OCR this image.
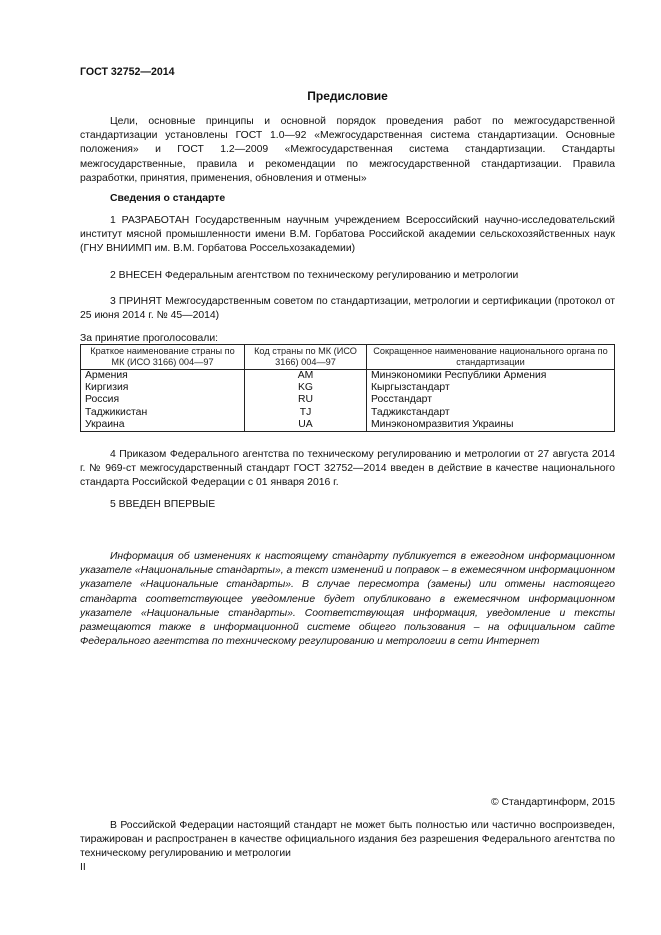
ГОСТ 32752—2014
Предисловие

Цели, основные принципы и основной порядок проведения работ по межгосударственной стандартизации установлены ГОСТ 1.0—92 «Межгосударственная система стандартизации. Основные положения» и ГОСТ 1.2—2009 «Межгосударственная система стандартизации. Стандарты межгосударственные, правила и рекомендации по межгосударственной стандартизации. Правила разработки, принятия, применения, обновления и отмены»

Сведения о стандарте

1 РАЗРАБОТАН Государственным научным учреждением Всероссийский научно-исследовательский институт мясной промышленности имени В.М. Горбатова Российской академии сельскохозяйственных наук (ГНУ ВНИИМП им. В.М. Горбатова Россельхозакадемии)

2 ВНЕСЕН Федеральным агентством по техническому регулированию и метрологии

3 ПРИНЯТ Межгосударственным советом по стандартизации, метрологии и сертификации (протокол от 25 июня 2014 г. № 45—2014)

За принятие проголосовали:
Краткое наименование страны по МК (ИСО 3166) 004—97	Код страны по МК (ИСО 3166) 004—97	Сокращенное наименование национального органа по стандартизации
Армения	AM	Минэкономики Республики Армения
Киргизия	KG	Кыргызстандарт
Россия	RU	Росстандарт
Таджикистан	TJ	Таджикстандарт
Украина	UA	Минэкономразвития Украины

4 Приказом Федерального агентства по техническому регулированию и метрологии от 27 августа 2014 г. № 969-ст межгосударственный стандарт ГОСТ 32752—2014 введен в действие в качестве национального стандарта Российской Федерации с 01 января 2016 г.

5 ВВЕДЕН ВПЕРВЫЕ

Информация об изменениях к настоящему стандарту публикуется в ежегодном информационном указателе «Национальные стандарты», а текст изменений и поправок – в ежемесячном информационном указателе «Национальные стандарты». В случае пересмотра (замены) или отмены настоящего стандарта соответствующее уведомление будет опубликовано в ежемесячном информационном указателе «Национальные стандарты». Соответствующая информация, уведомление и тексты размещаются также в информационной системе общего пользования – на официальном сайте Федерального агентства по техническому регулированию и метрологии в сети Интернет

© Стандартинформ, 2015

В Российской Федерации настоящий стандарт не может быть полностью или частично воспроизведен, тиражирован и распространен в качестве официального издания без разрешения Федерального агентства по техническому регулированию и метрологии

II
